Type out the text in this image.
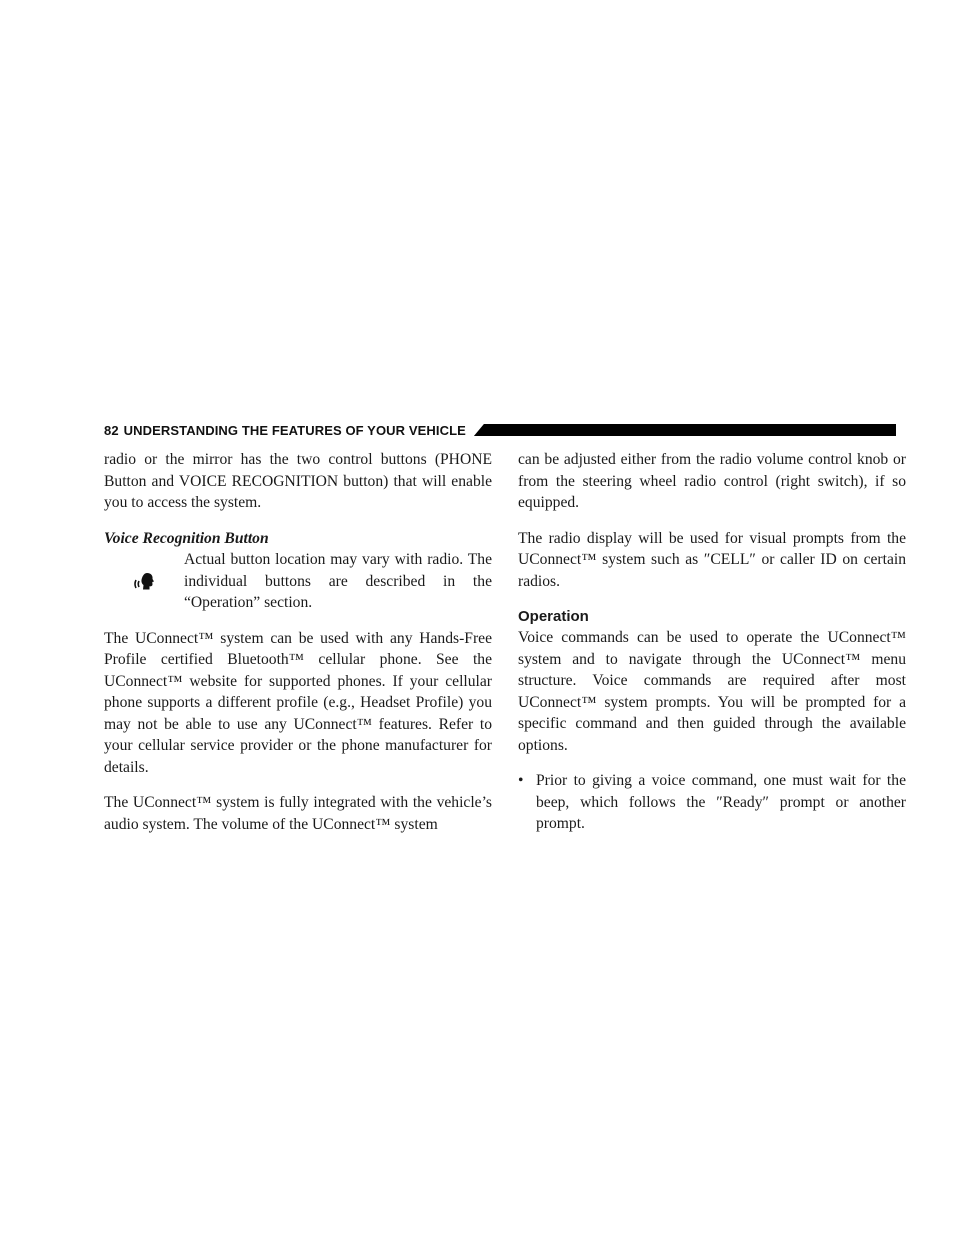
82 UNDERSTANDING THE FEATURES OF YOUR VEHICLE

radio or the mirror has the two control buttons (PHONE Button and VOICE RECOGNITION button) that will enable you to access the system.

Voice Recognition Button

Actual button location may vary with radio. The individual buttons are described in the “Operation” section.

The UConnect™ system can be used with any Hands-Free Profile certified Bluetooth™ cellular phone. See the UConnect™ website for supported phones. If your cellular phone supports a different profile (e.g., Headset Profile) you may not be able to use any UConnect™ features. Refer to your cellular service provider or the phone manufacturer for details.

The UConnect™ system is fully integrated with the vehicle’s audio system. The volume of the UConnect™ system

can be adjusted either from the radio volume control knob or from the steering wheel radio control (right switch), if so equipped.

The radio display will be used for visual prompts from the UConnect™ system such as ″CELL″ or caller ID on certain radios.

Operation

Voice commands can be used to operate the UConnect™ system and to navigate through the UConnect™ menu structure. Voice commands are required after most UConnect™ system prompts. You will be prompted for a specific command and then guided through the available options.

• Prior to giving a voice command, one must wait for the beep, which follows the ″Ready″ prompt or another prompt.
